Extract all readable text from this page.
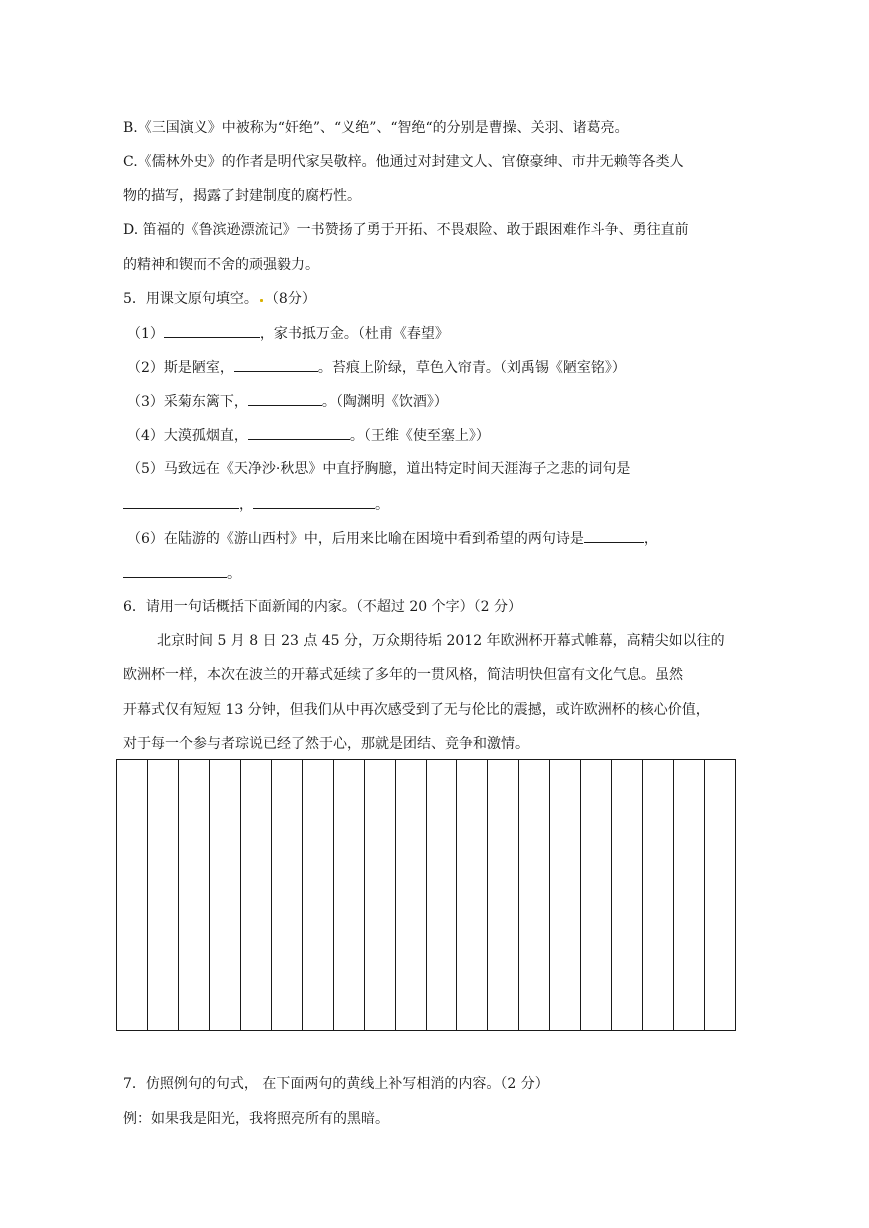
B.《三国演义》中被称为“奸绝”、“义绝”、“智绝“的分别是曹操、关羽、诸葛亮。
C.《儒林外史》的作者是明代家吴敬梓。他通过对封建文人、官僚豪绅、市井无赖等各类人
物的描写，揭露了封建制度的腐朽性。
D. 笛福的《鲁滨逊漂流记》一书赞扬了勇于开拓、不畏艰险、敢于跟困难作斗争、勇往直前
的精神和锲而不舍的顽强毅力。
5．用课文原句填空。 （8分）
（1）	，家书抵万金。（杜甫《春望》
（2）斯是陋室，	。苔痕上阶绿，草色入帘青。（刘禹锡《陋室铭》）
（3）采菊东篱下，	。（陶渊明《饮酒》）
（4）大漠孤烟直，	。（王维《使至塞上》）
（5）马致远在《天净沙·秋思》中直抒胸臆，道出特定时间天涯海子之悲的词句是
，	。
（6）在陆游的《游山西村》中，后用来比喻在困境中看到希望的两句诗是	，
。
6．请用一句话概括下面新闻的内家。（不超过 20 个字）（2 分）
北京时间 5 月 8 日 23 点 45 分，万众期待垢 2012 年欧洲杯开幕式帷幕，高精尖如以往的
欧洲杯一样，本次在波兰的开幕式延续了多年的一贯风格，简洁明快但富有文化气息。虽然
开幕式仅有短短 13 分钟，但我们从中再次感受到了无与伦比的震撼，或许欧洲杯的核心价值，
对于每一个参与者琮说已经了然于心，那就是团结、竞争和激情。
7．仿照例句的句式， 在下面两句的黄线上补写相消的内容。（2 分）
例：如果我是阳光，我将照亮所有的黑暗。
